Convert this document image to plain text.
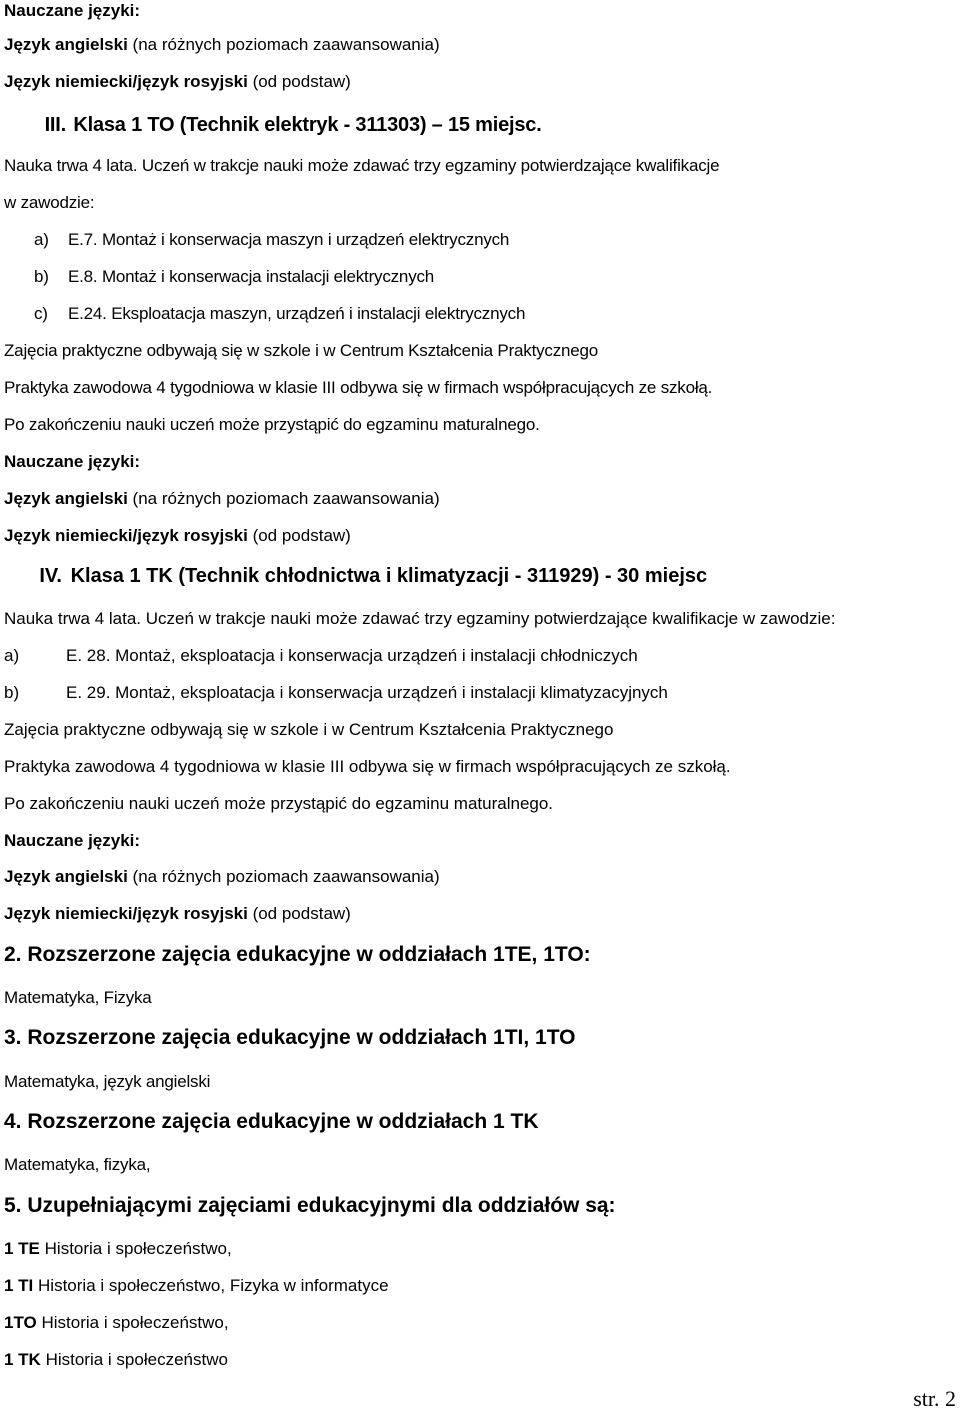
Nauczane języki:
Język angielski (na różnych poziomach zaawansowania)
Język niemiecki/język rosyjski (od podstaw)
III. Klasa 1 TO (Technik elektryk - 311303) – 15 miejsc.
Nauka trwa 4 lata. Uczeń w trakcje nauki może zdawać trzy egzaminy potwierdzające kwalifikacje
w zawodzie:
a) E.7. Montaż i konserwacja maszyn i urządzeń elektrycznych
b) E.8. Montaż i konserwacja instalacji elektrycznych
c) E.24. Eksploatacja maszyn, urządzeń i instalacji elektrycznych
Zajęcia praktyczne odbywają się w szkole i w Centrum Kształcenia Praktycznego
Praktyka zawodowa 4 tygodniowa w klasie III odbywa się w firmach współpracujących ze szkołą.
Po zakończeniu nauki uczeń może przystąpić do egzaminu maturalnego.
Nauczane języki:
Język angielski (na różnych poziomach zaawansowania)
Język niemiecki/język rosyjski (od podstaw)
IV. Klasa 1 TK (Technik chłodnictwa i klimatyzacji - 311929) - 30 miejsc
Nauka trwa 4 lata. Uczeń w trakcje nauki może zdawać trzy egzaminy potwierdzające kwalifikacje w zawodzie:
a)	E. 28. Montaż, eksploatacja i konserwacja urządzeń i instalacji chłodniczych
b)	E. 29. Montaż, eksploatacja i konserwacja urządzeń i instalacji klimatyzacyjnych
Zajęcia praktyczne odbywają się w szkole i w Centrum Kształcenia Praktycznego
Praktyka zawodowa 4 tygodniowa w klasie III odbywa się w firmach współpracujących ze szkołą.
Po zakończeniu nauki uczeń może przystąpić do egzaminu maturalnego.
Nauczane języki:
Język angielski (na różnych poziomach zaawansowania)
Język niemiecki/język rosyjski (od podstaw)
2. Rozszerzone zajęcia edukacyjne w oddziałach 1TE, 1TO:
Matematyka, Fizyka
3. Rozszerzone zajęcia edukacyjne w oddziałach 1TI, 1TO
Matematyka, język angielski
4. Rozszerzone zajęcia edukacyjne w oddziałach 1 TK
Matematyka, fizyka,
5. Uzupełniającymi zajęciami edukacyjnymi dla oddziałów są:
1 TE Historia i społeczeństwo,
1 TI Historia i społeczeństwo, Fizyka w informatyce
1TO Historia i społeczeństwo,
1 TK Historia i społeczeństwo
str. 2
